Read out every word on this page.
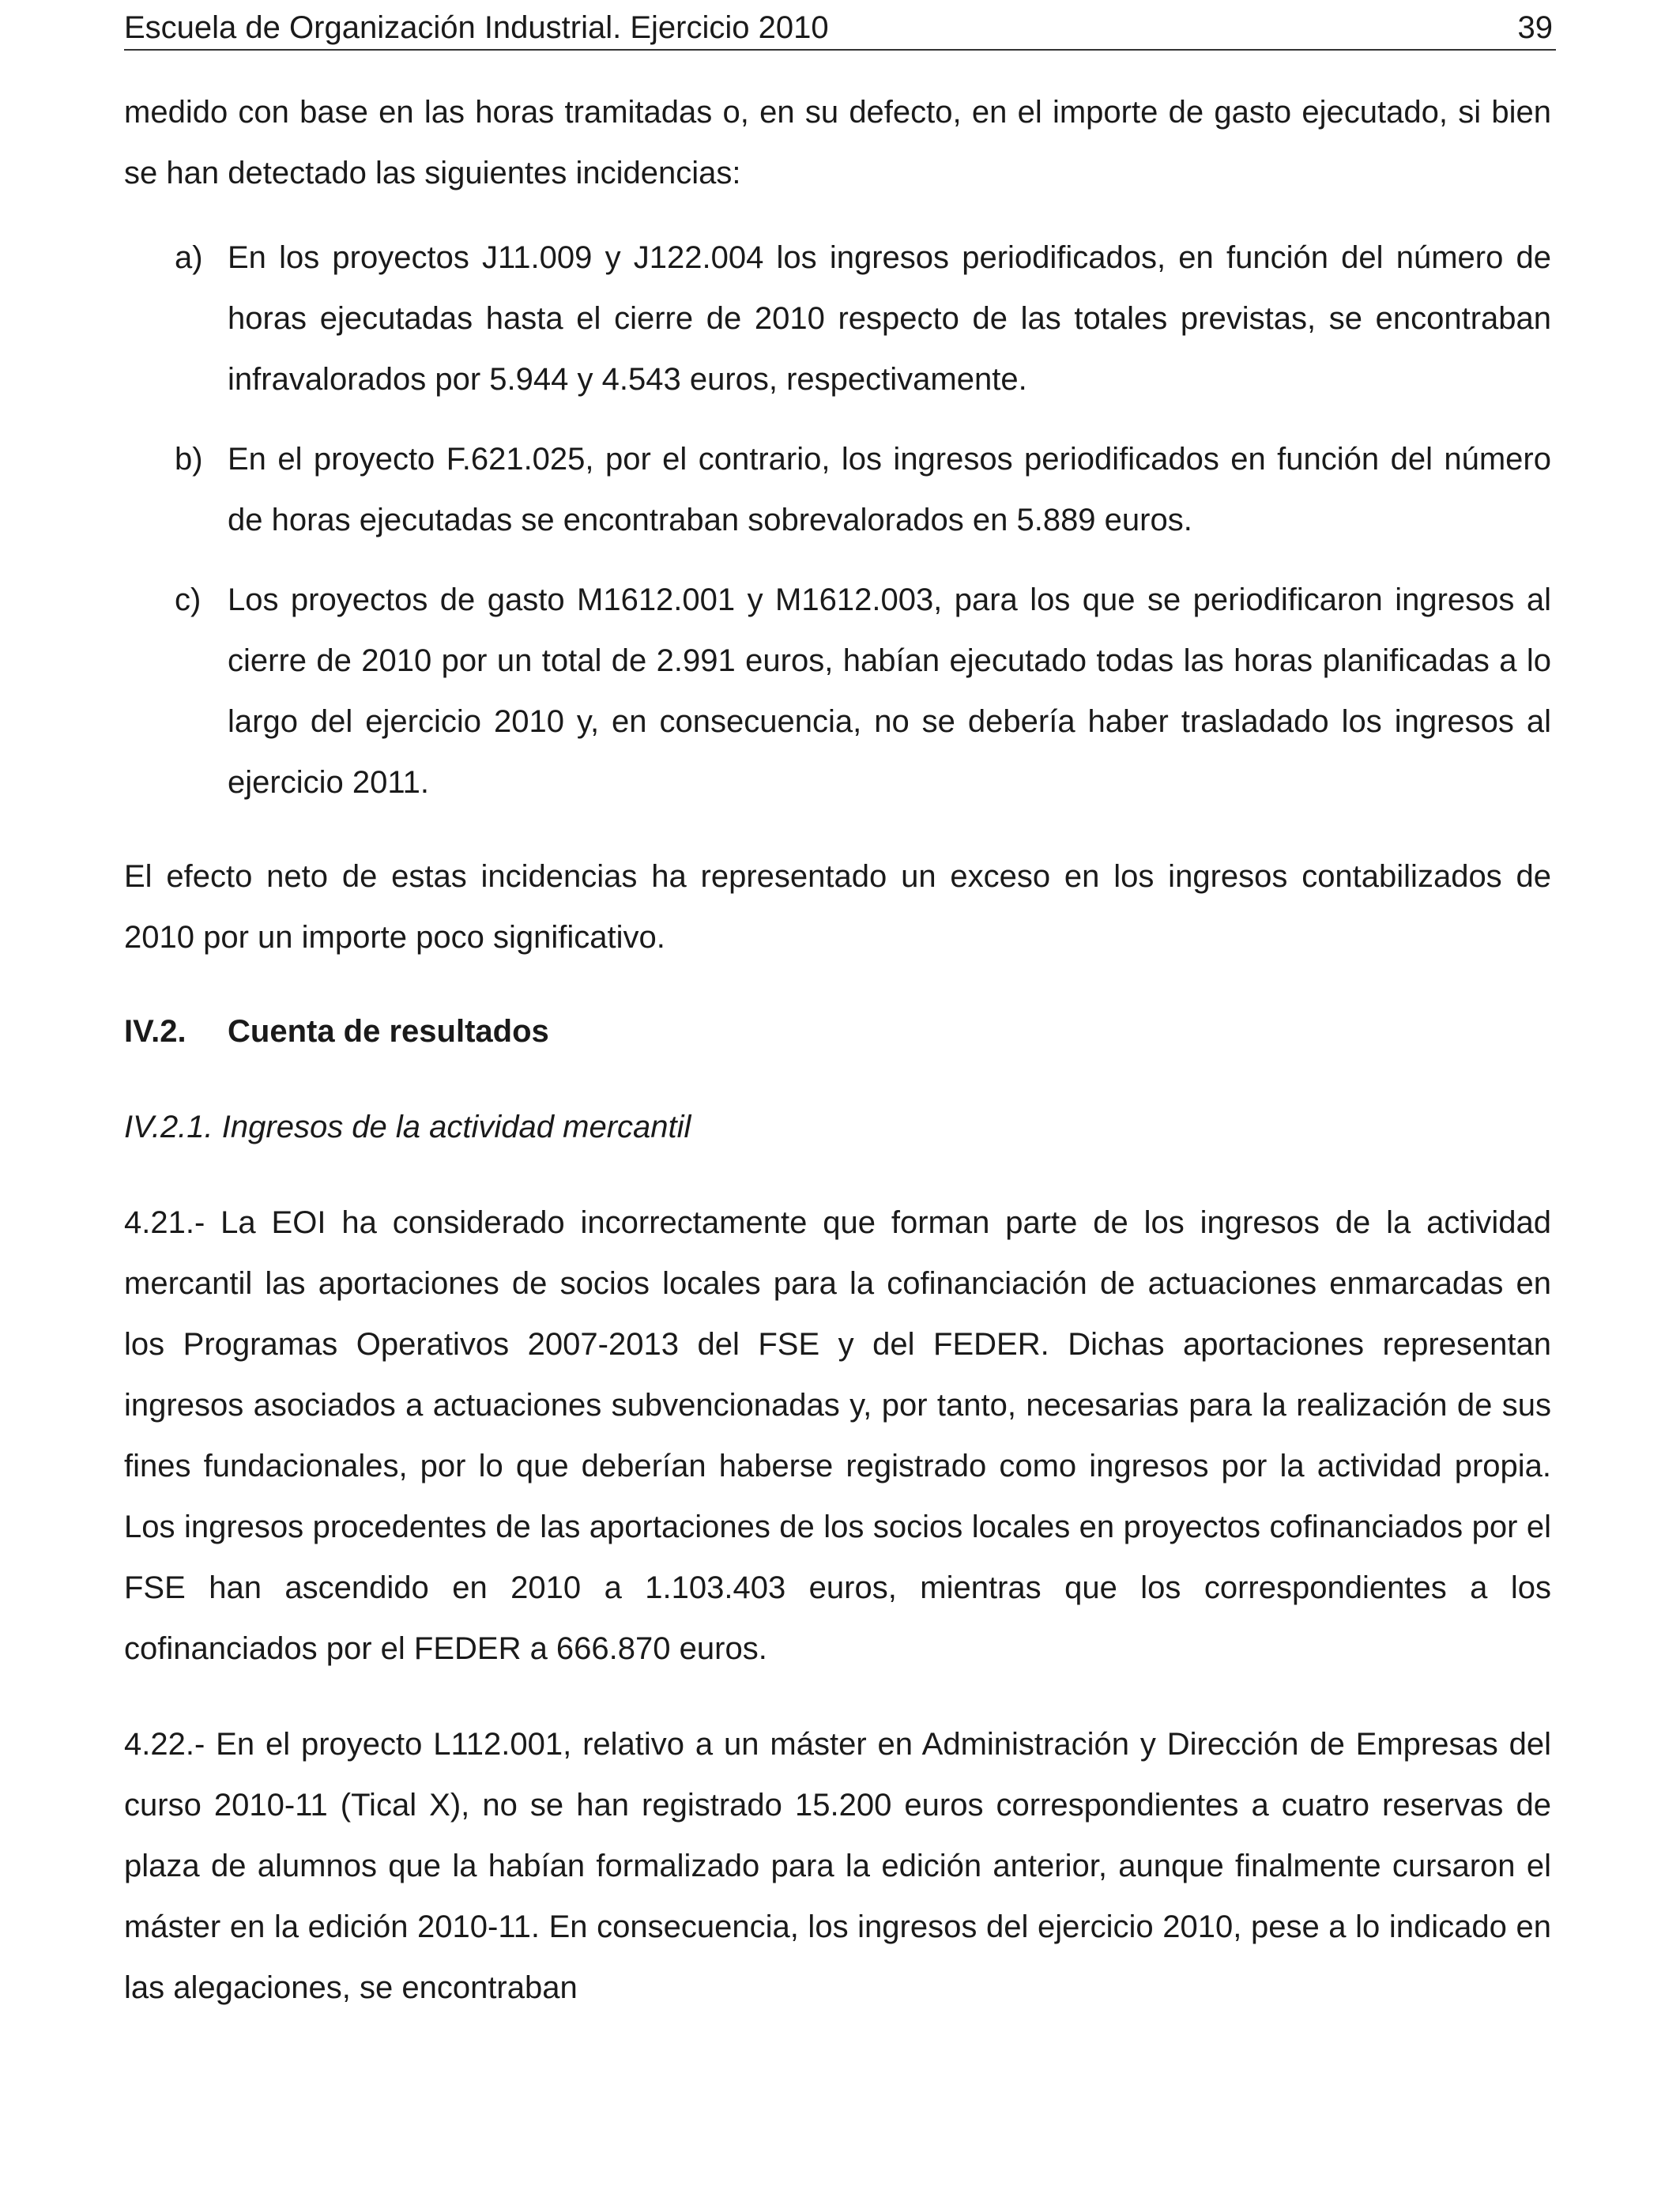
Escuela de Organización Industrial. Ejercicio 2010	39

medido con base en las horas tramitadas o, en su defecto, en el importe de gasto ejecutado, si bien se han detectado las siguientes incidencias:

a) En los proyectos J11.009 y J122.004 los ingresos periodificados, en función del número de horas ejecutadas hasta el cierre de 2010 respecto de las totales previstas, se encontraban infravalorados por 5.944 y 4.543 euros, respectivamente.
b) En el proyecto F.621.025, por el contrario, los ingresos periodificados en función del número de horas ejecutadas se encontraban sobrevalorados en 5.889 euros.
c) Los proyectos de gasto M1612.001 y M1612.003, para los que se periodificaron ingresos al cierre de 2010 por un total de 2.991 euros, habían ejecutado todas las horas planificadas a lo largo del ejercicio 2010 y, en consecuencia, no se debería haber trasladado los ingresos al ejercicio 2011.

El efecto neto de estas incidencias ha representado un exceso en los ingresos contabilizados de 2010 por un importe poco significativo.

IV.2. Cuenta de resultados

IV.2.1. Ingresos de la actividad mercantil

4.21.- La EOI ha considerado incorrectamente que forman parte de los ingresos de la actividad mercantil las aportaciones de socios locales para la cofinanciación de actuaciones enmarcadas en los Programas Operativos 2007-2013 del FSE y del FEDER. Dichas aportaciones representan ingresos asociados a actuaciones subvencionadas y, por tanto, necesarias para la realización de sus fines fundacionales, por lo que deberían haberse registrado como ingresos por la actividad propia. Los ingresos procedentes de las aportaciones de los socios locales en proyectos cofinanciados por el FSE han ascendido en 2010 a 1.103.403 euros, mientras que los correspondientes a los cofinanciados por el FEDER a 666.870 euros.

4.22.- En el proyecto L112.001, relativo a un máster en Administración y Dirección de Empresas del curso 2010-11 (Tical X), no se han registrado 15.200 euros correspondientes a cuatro reservas de plaza de alumnos que la habían formalizado para la edición anterior, aunque finalmente cursaron el máster en la edición 2010-11. En consecuencia, los ingresos del ejercicio 2010, pese a lo indicado en las alegaciones, se encontraban
